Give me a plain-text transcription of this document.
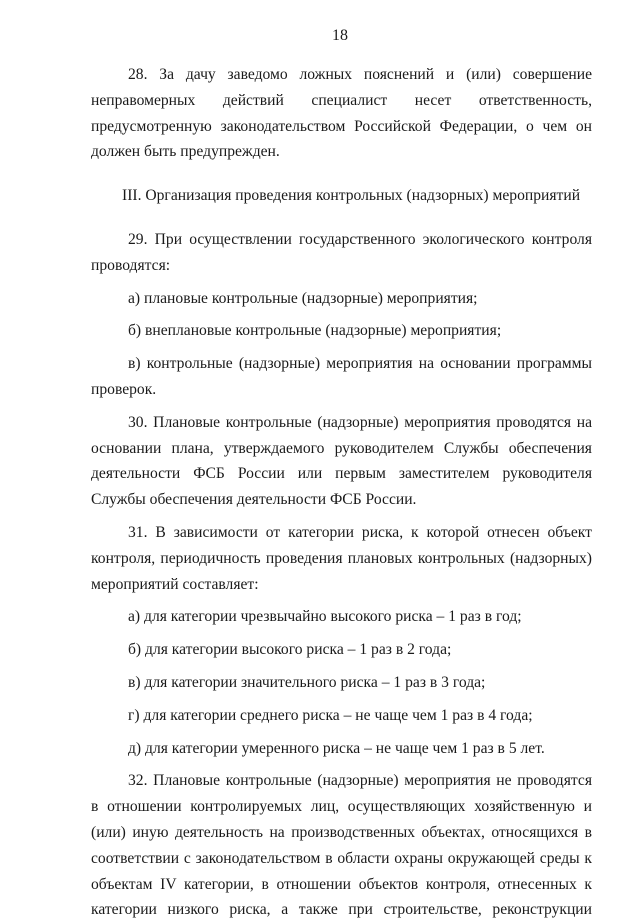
18

28. За дачу заведомо ложных пояснений и (или) совершение неправомерных действий специалист несет ответственность, предусмотренную законодательством Российской Федерации, о чем он должен быть предупрежден.

III. Организация проведения контрольных (надзорных) мероприятий

29. При осуществлении государственного экологического контроля проводятся:

а) плановые контрольные (надзорные) мероприятия;

б) внеплановые контрольные (надзорные) мероприятия;

в) контрольные (надзорные) мероприятия на основании программы проверок.

30. Плановые контрольные (надзорные) мероприятия проводятся на основании плана, утверждаемого руководителем Службы обеспечения деятельности ФСБ России или первым заместителем руководителя Службы обеспечения деятельности ФСБ России.

31. В зависимости от категории риска, к которой отнесен объект контроля, периодичность проведения плановых контрольных (надзорных) мероприятий составляет:

а) для категории чрезвычайно высокого риска – 1 раз в год;

б) для категории высокого риска – 1 раз в 2 года;

в) для категории значительного риска – 1 раз в 3 года;

г) для категории среднего риска – не чаще чем 1 раз в 4 года;

д) для категории умеренного риска – не чаще чем 1 раз в 5 лет.

32. Плановые контрольные (надзорные) мероприятия не проводятся в отношении контролируемых лиц, осуществляющих хозяйственную и (или) иную деятельность на производственных объектах, относящихся в соответствии с законодательством в области охраны окружающей среды к объектам IV категории, в отношении объектов контроля, отнесенных к категории низкого риска, а также при строительстве, реконструкции
